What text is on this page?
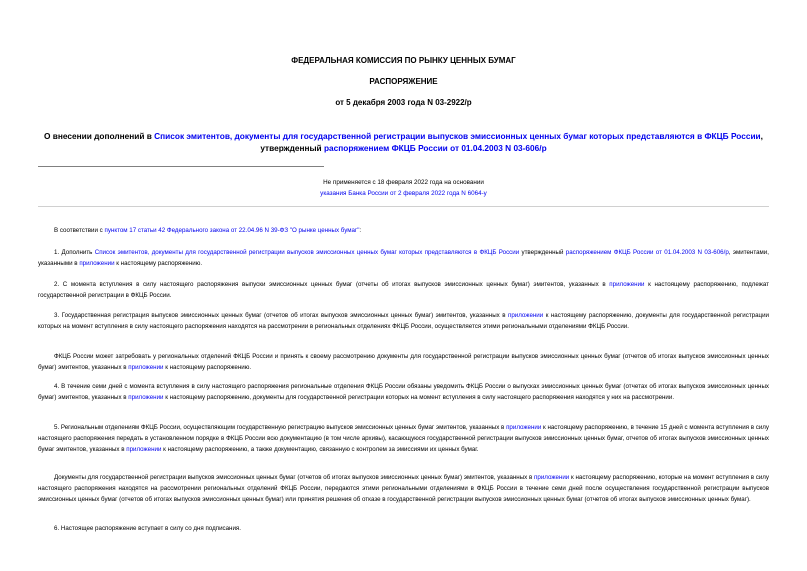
ФЕДЕРАЛЬНАЯ КОМИССИЯ ПО РЫНКУ ЦЕННЫХ БУМАГ
РАСПОРЯЖЕНИЕ
от 5 декабря 2003 года N 03-2922/р
О внесении дополнений в Список эмитентов, документы для государственной регистрации выпусков эмиссионных ценных бумаг которых представляются в ФКЦБ России, утвержденный распоряжением ФКЦБ России от 01.04.2003 N 03-606/р
Не применяется с 18 февраля 2022 года на основании
указания Банка России от 2 февраля 2022 года N 6064-у
В соответствии с пунктом 17 статьи 42 Федерального закона от 22.04.96 N 39-ФЗ "О рынке ценных бумаг":
1. Дополнить Список эмитентов, документы для государственной регистрации выпусков эмиссионных ценных бумаг которых представляются в ФКЦБ России утвержденный распоряжением ФКЦБ России от 01.04.2003 N 03-606/р, эмитентами, указанными в приложении к настоящему распоряжению.
2. С момента вступления в силу настоящего распоряжения выпуски эмиссионных ценных бумаг (отчеты об итогах выпусков эмиссионных ценных бумаг) эмитентов, указанных в приложении к настоящему распоряжению, подлежат государственной регистрации в ФКЦБ России.
3. Государственная регистрация выпусков эмиссионных ценных бумаг (отчетов об итогах выпусков эмиссионных ценных бумаг) эмитентов, указанных в приложении к настоящему распоряжению, документы для государственной регистрации которых на момент вступления в силу настоящего распоряжения находятся на рассмотрении в региональных отделениях ФКЦБ России, осуществляется этими региональными отделениями ФКЦБ России.
ФКЦБ России может затребовать у региональных отделений ФКЦБ России и принять к своему рассмотрению документы для государственной регистрации выпусков эмиссионных ценных бумаг (отчетов об итогах выпусков эмиссионных ценных бумаг) эмитентов, указанных в приложении к настоящему распоряжению.
4. В течение семи дней с момента вступления в силу настоящего распоряжения региональные отделения ФКЦБ России обязаны уведомить ФКЦБ России о выпусках эмиссионных ценных бумаг (отчетах об итогах выпусков эмиссионных ценных бумаг) эмитентов, указанных в приложении к настоящему распоряжению, документы для государственной регистрации которых на момент вступления в силу настоящего распоряжения находятся у них на рассмотрении.
5. Региональным отделениям ФКЦБ России, осуществляющим государственную регистрацию выпусков эмиссионных ценных бумаг эмитентов, указанных в приложении к настоящему распоряжению, в течение 15 дней с момента вступления в силу настоящего распоряжения передать в установленном порядке в ФКЦБ России всю документацию (в том числе архивы), касающуюся государственной регистрации выпусков эмиссионных ценных бумаг, отчетов об итогах выпусков эмиссионных ценных бумаг эмитентов, указанных в приложении к настоящему распоряжению, а также документацию, связанную с контролем за эмиссиями их ценных бумаг.
Документы для государственной регистрации выпусков эмиссионных ценных бумаг (отчетов об итогах выпусков эмиссионных ценных бумаг) эмитентов, указанных в приложении к настоящему распоряжению, которые на момент вступления в силу настоящего распоряжения находятся на рассмотрении региональных отделений ФКЦБ России, передаются этими региональными отделениями в ФКЦБ России в течение семи дней после осуществления государственной регистрации выпусков эмиссионных ценных бумаг (отчетов об итогах выпусков эмиссионных ценных бумаг) или принятия решения об отказе в государственной регистрации выпусков эмиссионных ценных бумаг (отчетов об итогах выпусков эмиссионных ценных бумаг).
6. Настоящее распоряжение вступает в силу со дня подписания.
